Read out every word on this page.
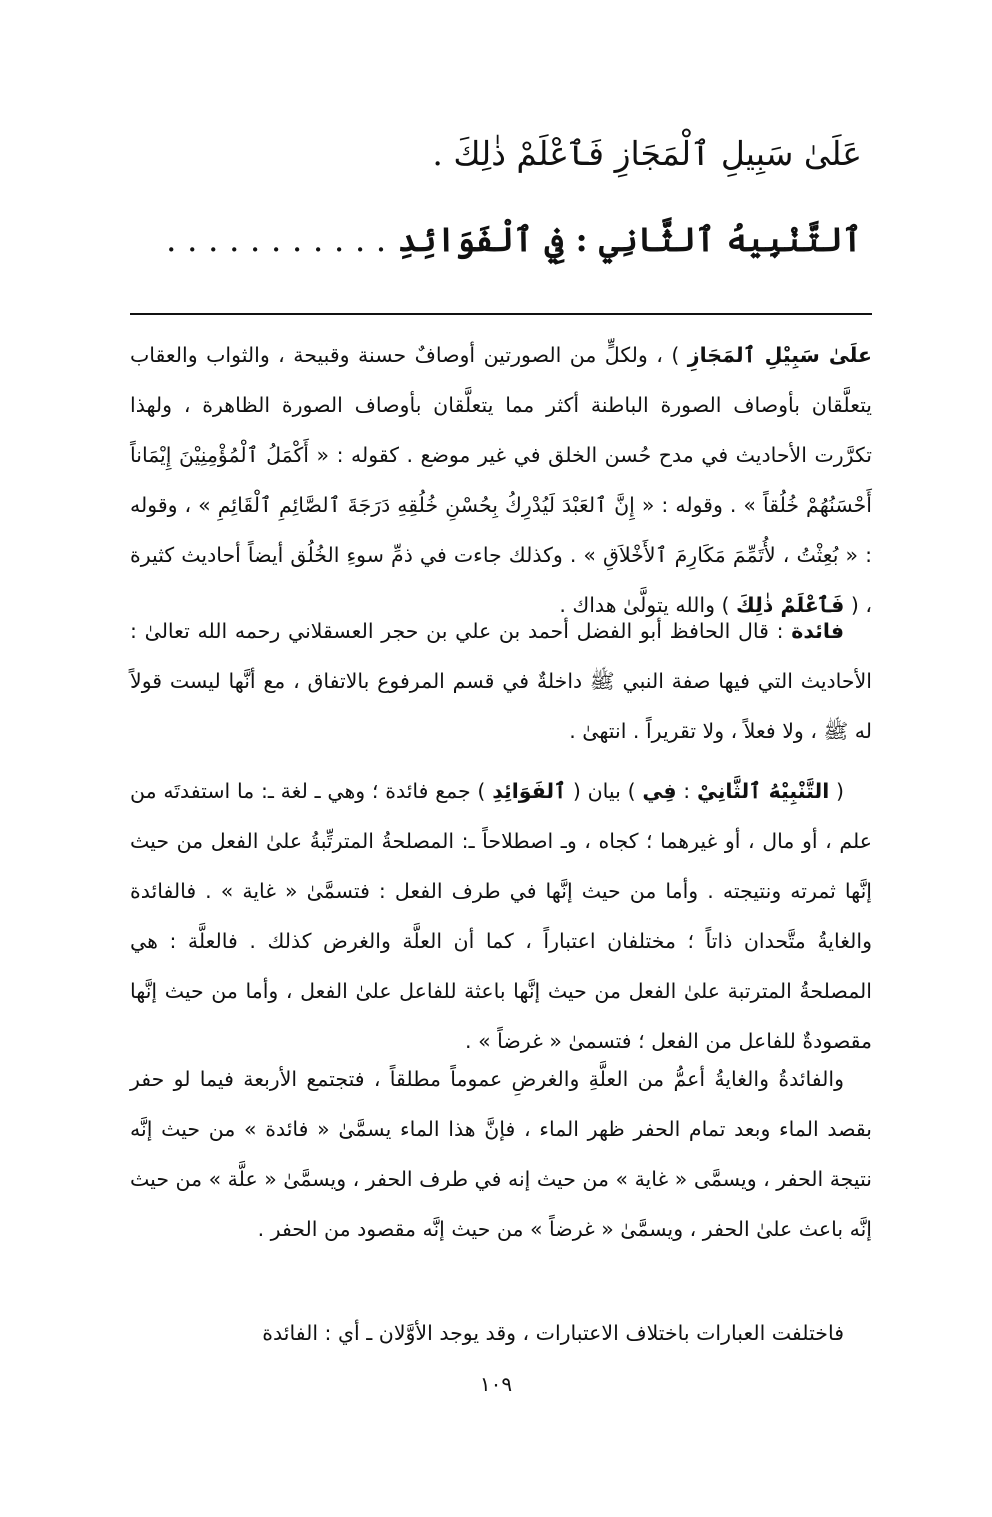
عَلَىٰ سَبِيلِ ٱلْمَجَازِ فَٱعْلَمْ ذٰلِكَ .
ٱلتَّنْبِيهُ ٱلثَّانِي : فِي ٱلْفَوَائِدِ . . . . . . . . . . .

علَىٰ سَبِيْلِ ٱلمَجَازِ ) ، ولكلٍّ من الصورتين أوصافٌ حسنة وقبيحة ، والثواب والعقاب يتعلَّقان بأوصاف الصورة الباطنة أكثر مما يتعلَّقان بأوصاف الصورة الظاهرة ، ولهذا تكرَّرت الأحاديث في مدح حُسن الخلق في غير موضع . كقوله : « أَكْمَلُ ٱلْمُؤْمِنِيْنَ إِيْمَاناً أَحْسَنُهُمْ خُلُقاً » . وقوله : « إِنَّ ٱلعَبْدَ لَيُدْرِكُ بِحُسْنِ خُلُقِهِ دَرَجَةَ ٱلصَّائِمِ ٱلْقَائِمِ » ، وقوله : « بُعِثْتُ ، لأُتَمِّمَ مَكَارِمَ ٱلأَخْلاَقِ » . وكذلك جاءت في ذمِّ سوءِ الخُلُق أيضاً أحاديث كثيرة ، ( فَٱعْلَمْ ذٰلِكَ ) والله يتولَّىٰ هداك .

فائدة : قال الحافظ أبو الفضل أحمد بن علي بن حجر العسقلاني رحمه الله تعالىٰ : الأحاديث التي فيها صفة النبي ﷺ داخلةٌ في قسم المرفوع بالاتفاق ، مع أنَّها ليست قولاً له ﷺ ، ولا فعلاً ، ولا تقريراً . انتهىٰ .

( التَّنْبِيْهُ ٱلثَّانِيْ : فِي ) بيان ( ٱلفَوَائِدِ ) جمع فائدة ؛ وهي ـ لغة ـ: ما استفدتَه من علم ، أو مال ، أو غيرهما ؛ كجاه ، وـ اصطلاحاً ـ: المصلحةُ المترتِّبةُ علىٰ الفعل من حيث إنَّها ثمرته ونتيجته . وأما من حيث إنَّها في طرف الفعل : فتسمَّىٰ « غاية » . فالفائدة والغايةُ متَّحدان ذاتاً ؛ مختلفان اعتباراً ، كما أن العلَّة والغرض كذلك . فالعلَّة : هي المصلحةُ المترتبة علىٰ الفعل من حيث إنَّها باعثة للفاعل علىٰ الفعل ، وأما من حيث إنَّها مقصودةٌ للفاعل من الفعل ؛ فتسمىٰ « غرضاً » .

والفائدةُ والغايةُ أعمُّ من العلَّةِ والغرضِ عموماً مطلقاً ، فتجتمع الأربعة فيما لو حفر بقصد الماء وبعد تمام الحفر ظهر الماء ، فإنَّ هذا الماء يسمَّىٰ « فائدة » من حيث إنَّه نتيجة الحفر ، ويسمَّى « غاية » من حيث إنه في طرف الحفر ، ويسمَّىٰ « علَّة » من حيث إنَّه باعث علىٰ الحفر ، ويسمَّىٰ « غرضاً » من حيث إنَّه مقصود من الحفر .

فاختلفت العبارات باختلاف الاعتبارات ، وقد يوجد الأوَّلان ـ أي : الفائدة

١٠٩
